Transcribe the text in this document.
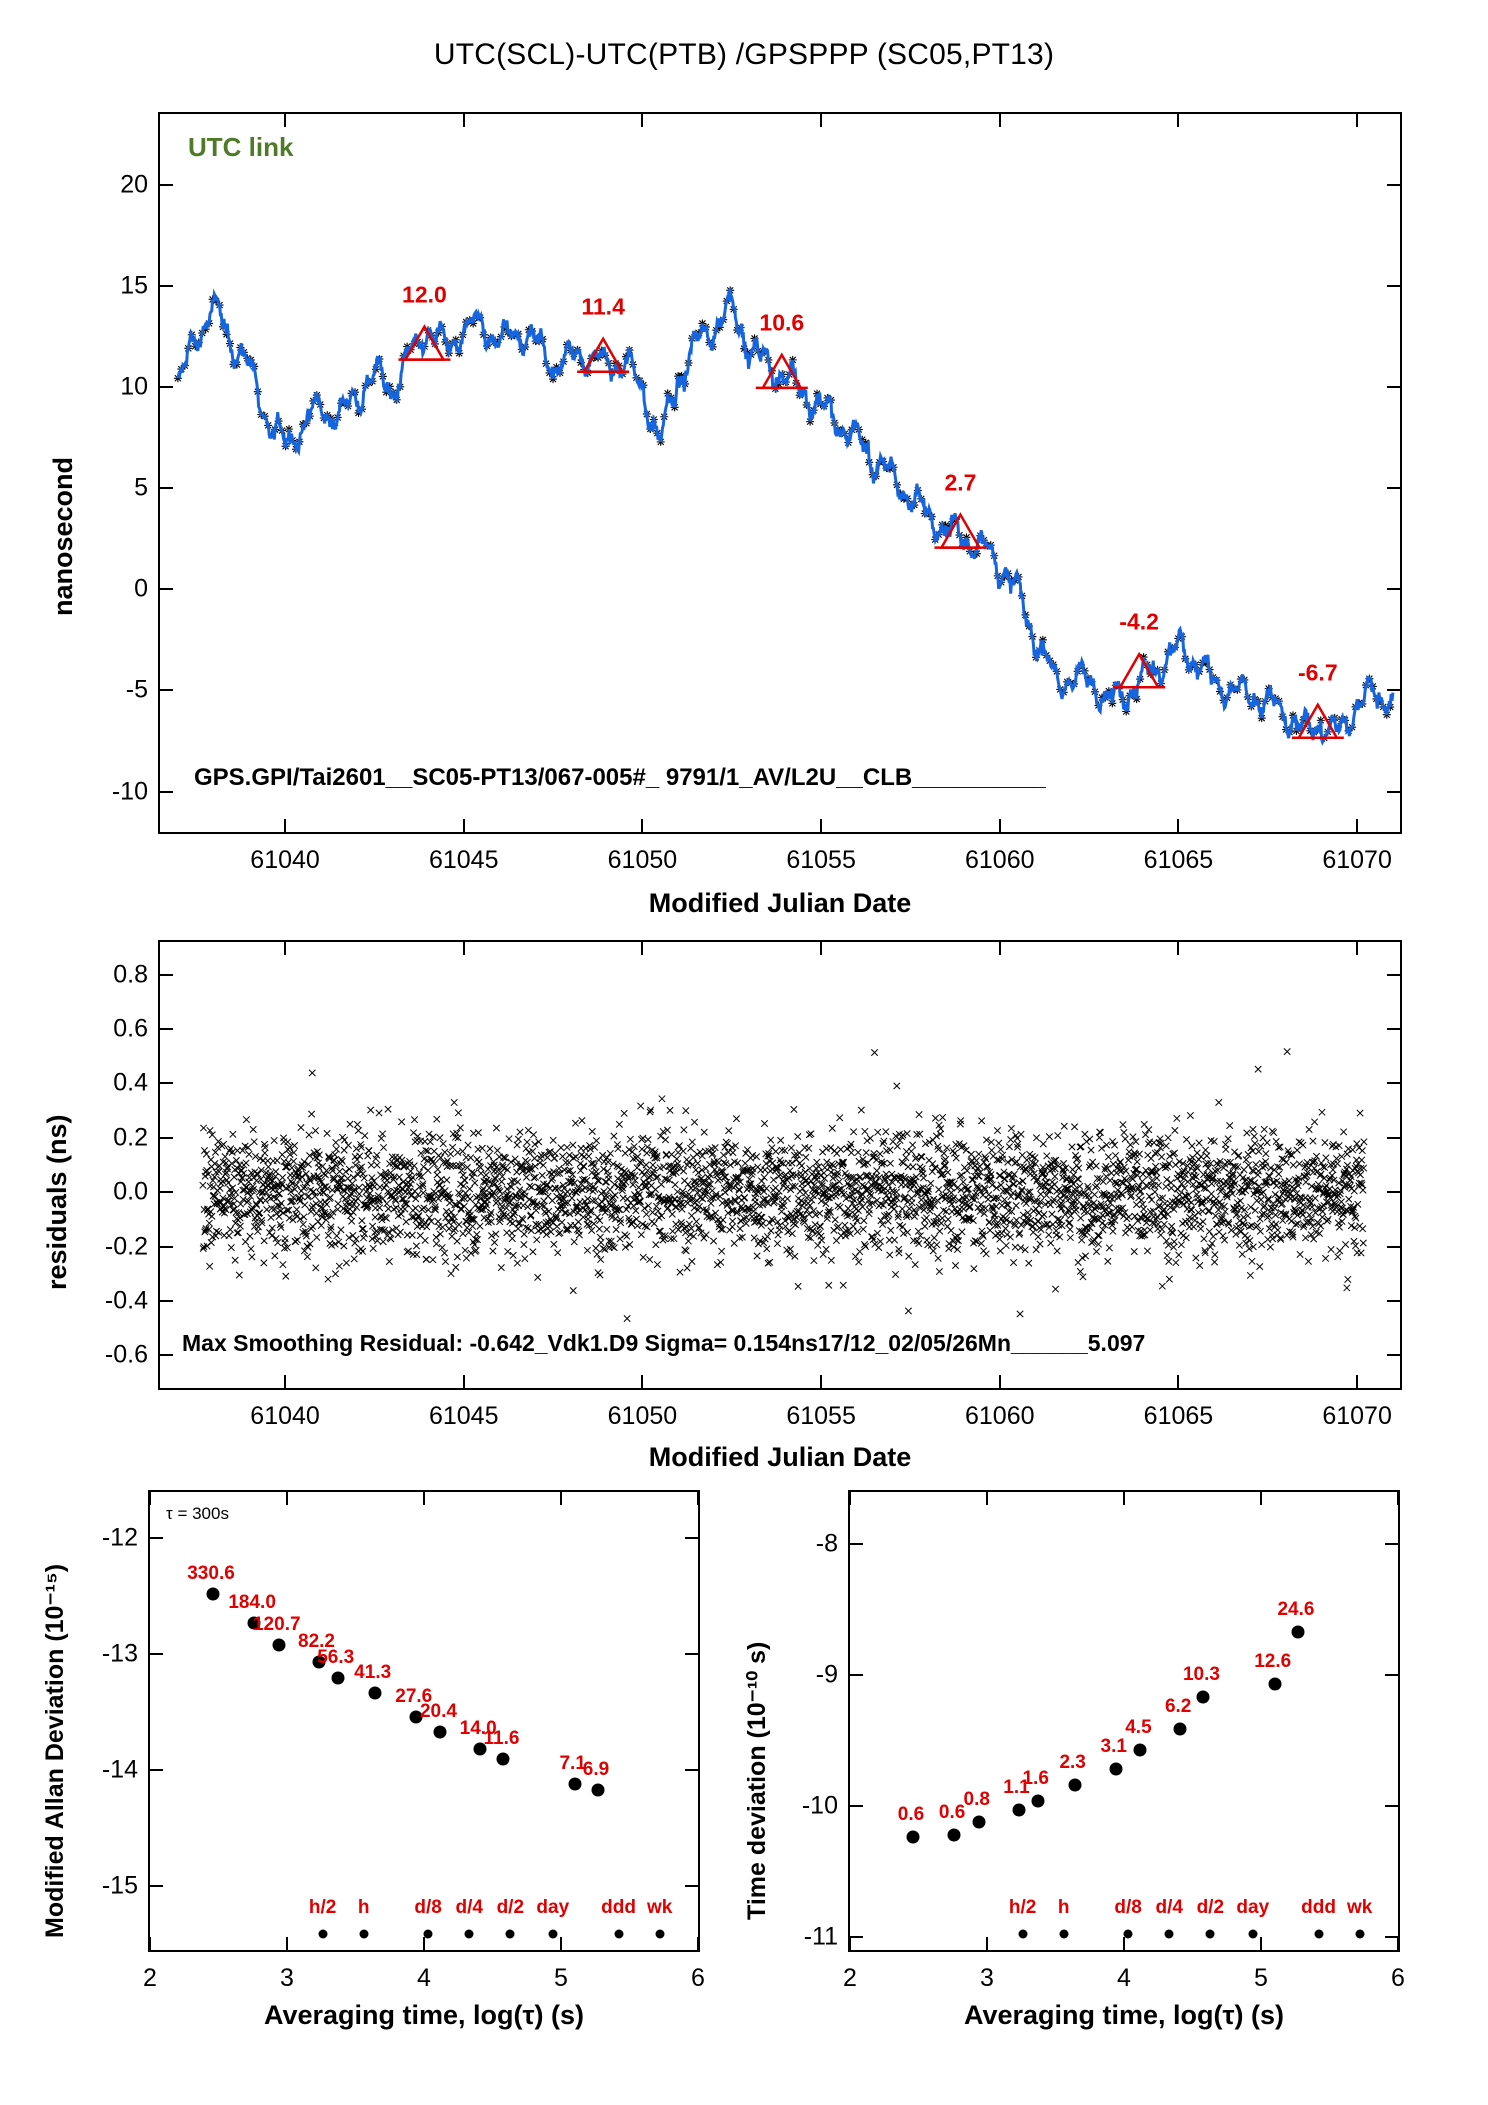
UTC(SCL)-UTC(PTB) /GPSPPP (SC05,PT13)
UTC link
12.0	11.4
10.6
2.7
-4.2
-6.7
20
15
10
5
0
-5
-10
61040	61045	61050	61055	61060	61065	61070
nanosecond
Modified Julian Date
GPS.GPI/Tai2601__SC05-PT13/067-005#_ 9791/1_AV/L2U__CLB__________
0.8
0.6
0.4
0.2
0.0
-0.2
-0.4
-0.6
61040	61045	61050	61055	61060	61065	61070
residuals (ns)
Modified Julian Date
Max Smoothing Residual: -0.642_Vdk1.D9 Sigma= 0.154ns17/12_02/05/26Mn______5.097
τ = 300s
330.6
184.0
120.7
82.2
56.3
41.3
27.6
20.4
14.0
11.6
7.1
6.9
h/2 h d/8 d/4 d/2 day ddd wk
-12
-13
-14
-15
2	3	4	5	6
Modified Allan Deviation (10⁻¹⁵)
Averaging time, log(τ) (s)
0.6 0.6
0.8
1.1
1.6
2.3
3.1
4.5
6.2
10.3
12.6
24.6
h/2 h d/8 d/4 d/2 day ddd wk
-8
-9
-10
-11
2	3	4	5	6
Time deviation (10⁻¹⁰ s)
Averaging time, log(τ) (s)
